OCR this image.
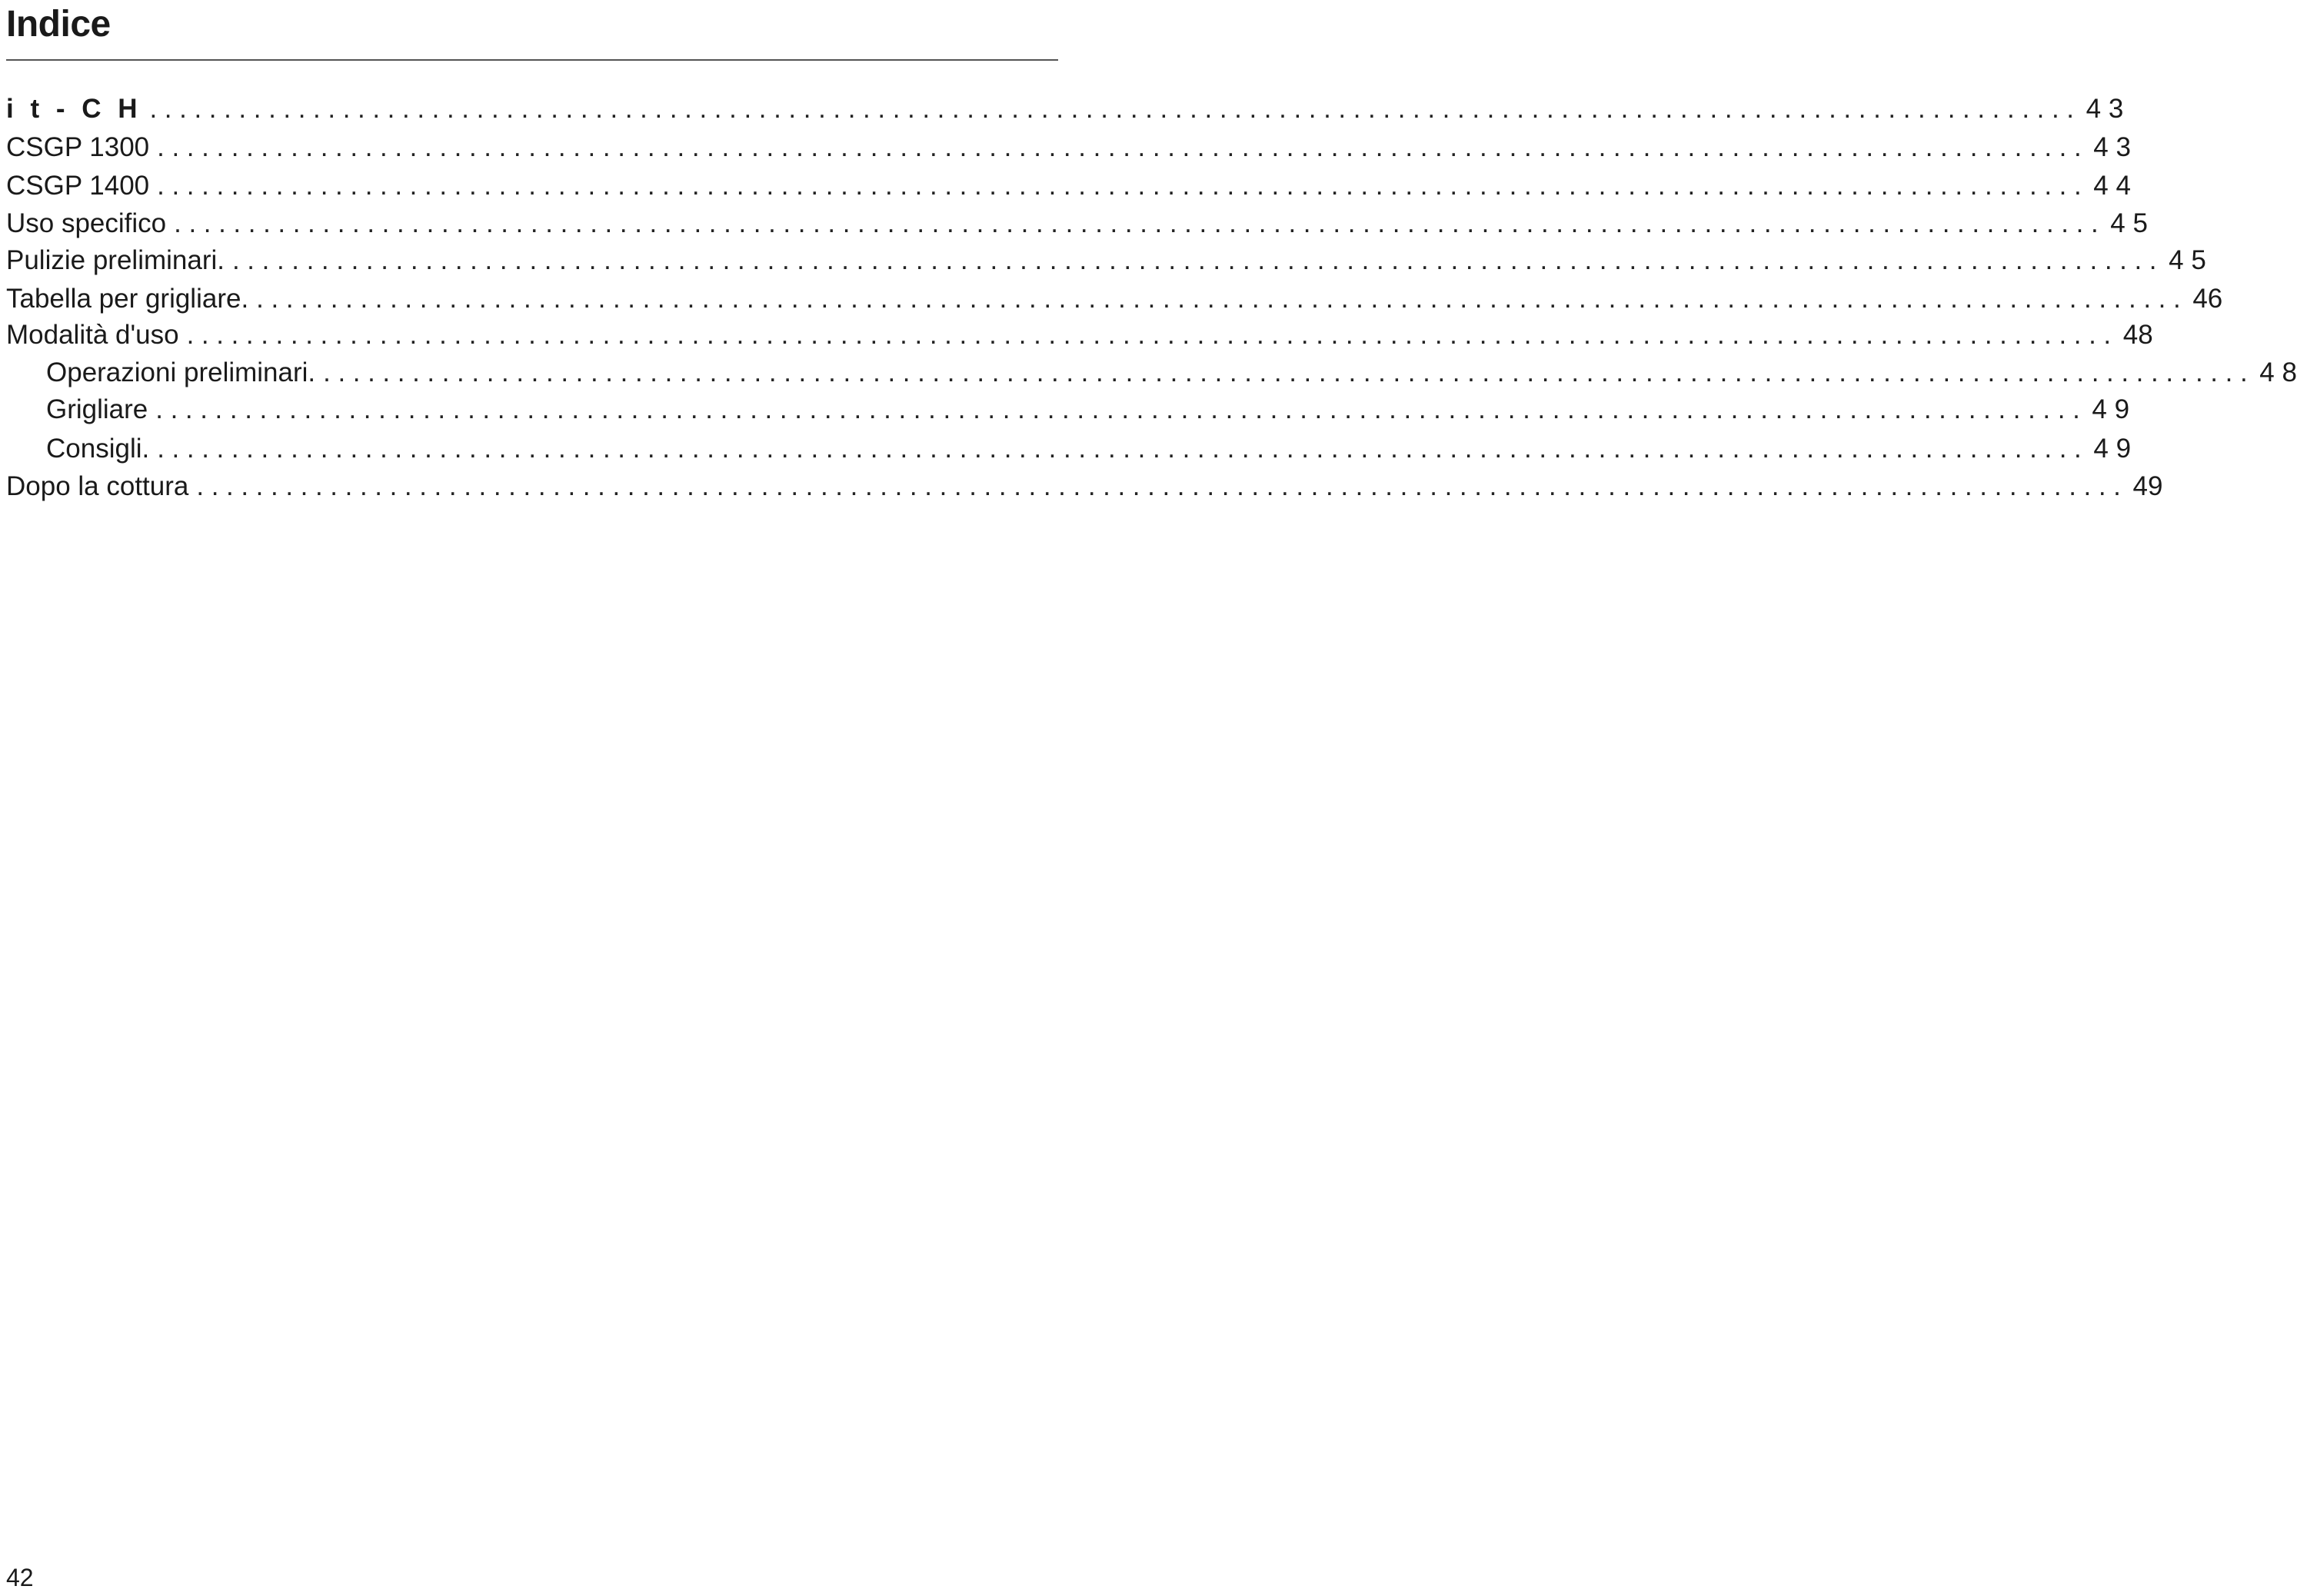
Indice
i t - C H .................................................................................................................................. 4 3
CSGP 1300 .................................................................................................................................. 4 3
CSGP 1400 .................................................................................................................................. 4 4
Uso specifico .................................................................................................................................. 4 5
Pulizie preliminari. .................................................................................................................................. 4 5
Tabella per grigliare. .................................................................................................................................. 46
Modalità d'uso .................................................................................................................................. 48
Operazioni preliminari. .................................................................................................................................. 4 8
Grigliare .................................................................................................................................. 4 9
Consigli. .................................................................................................................................. 4 9
Dopo la cottura .................................................................................................................................. 49
42
